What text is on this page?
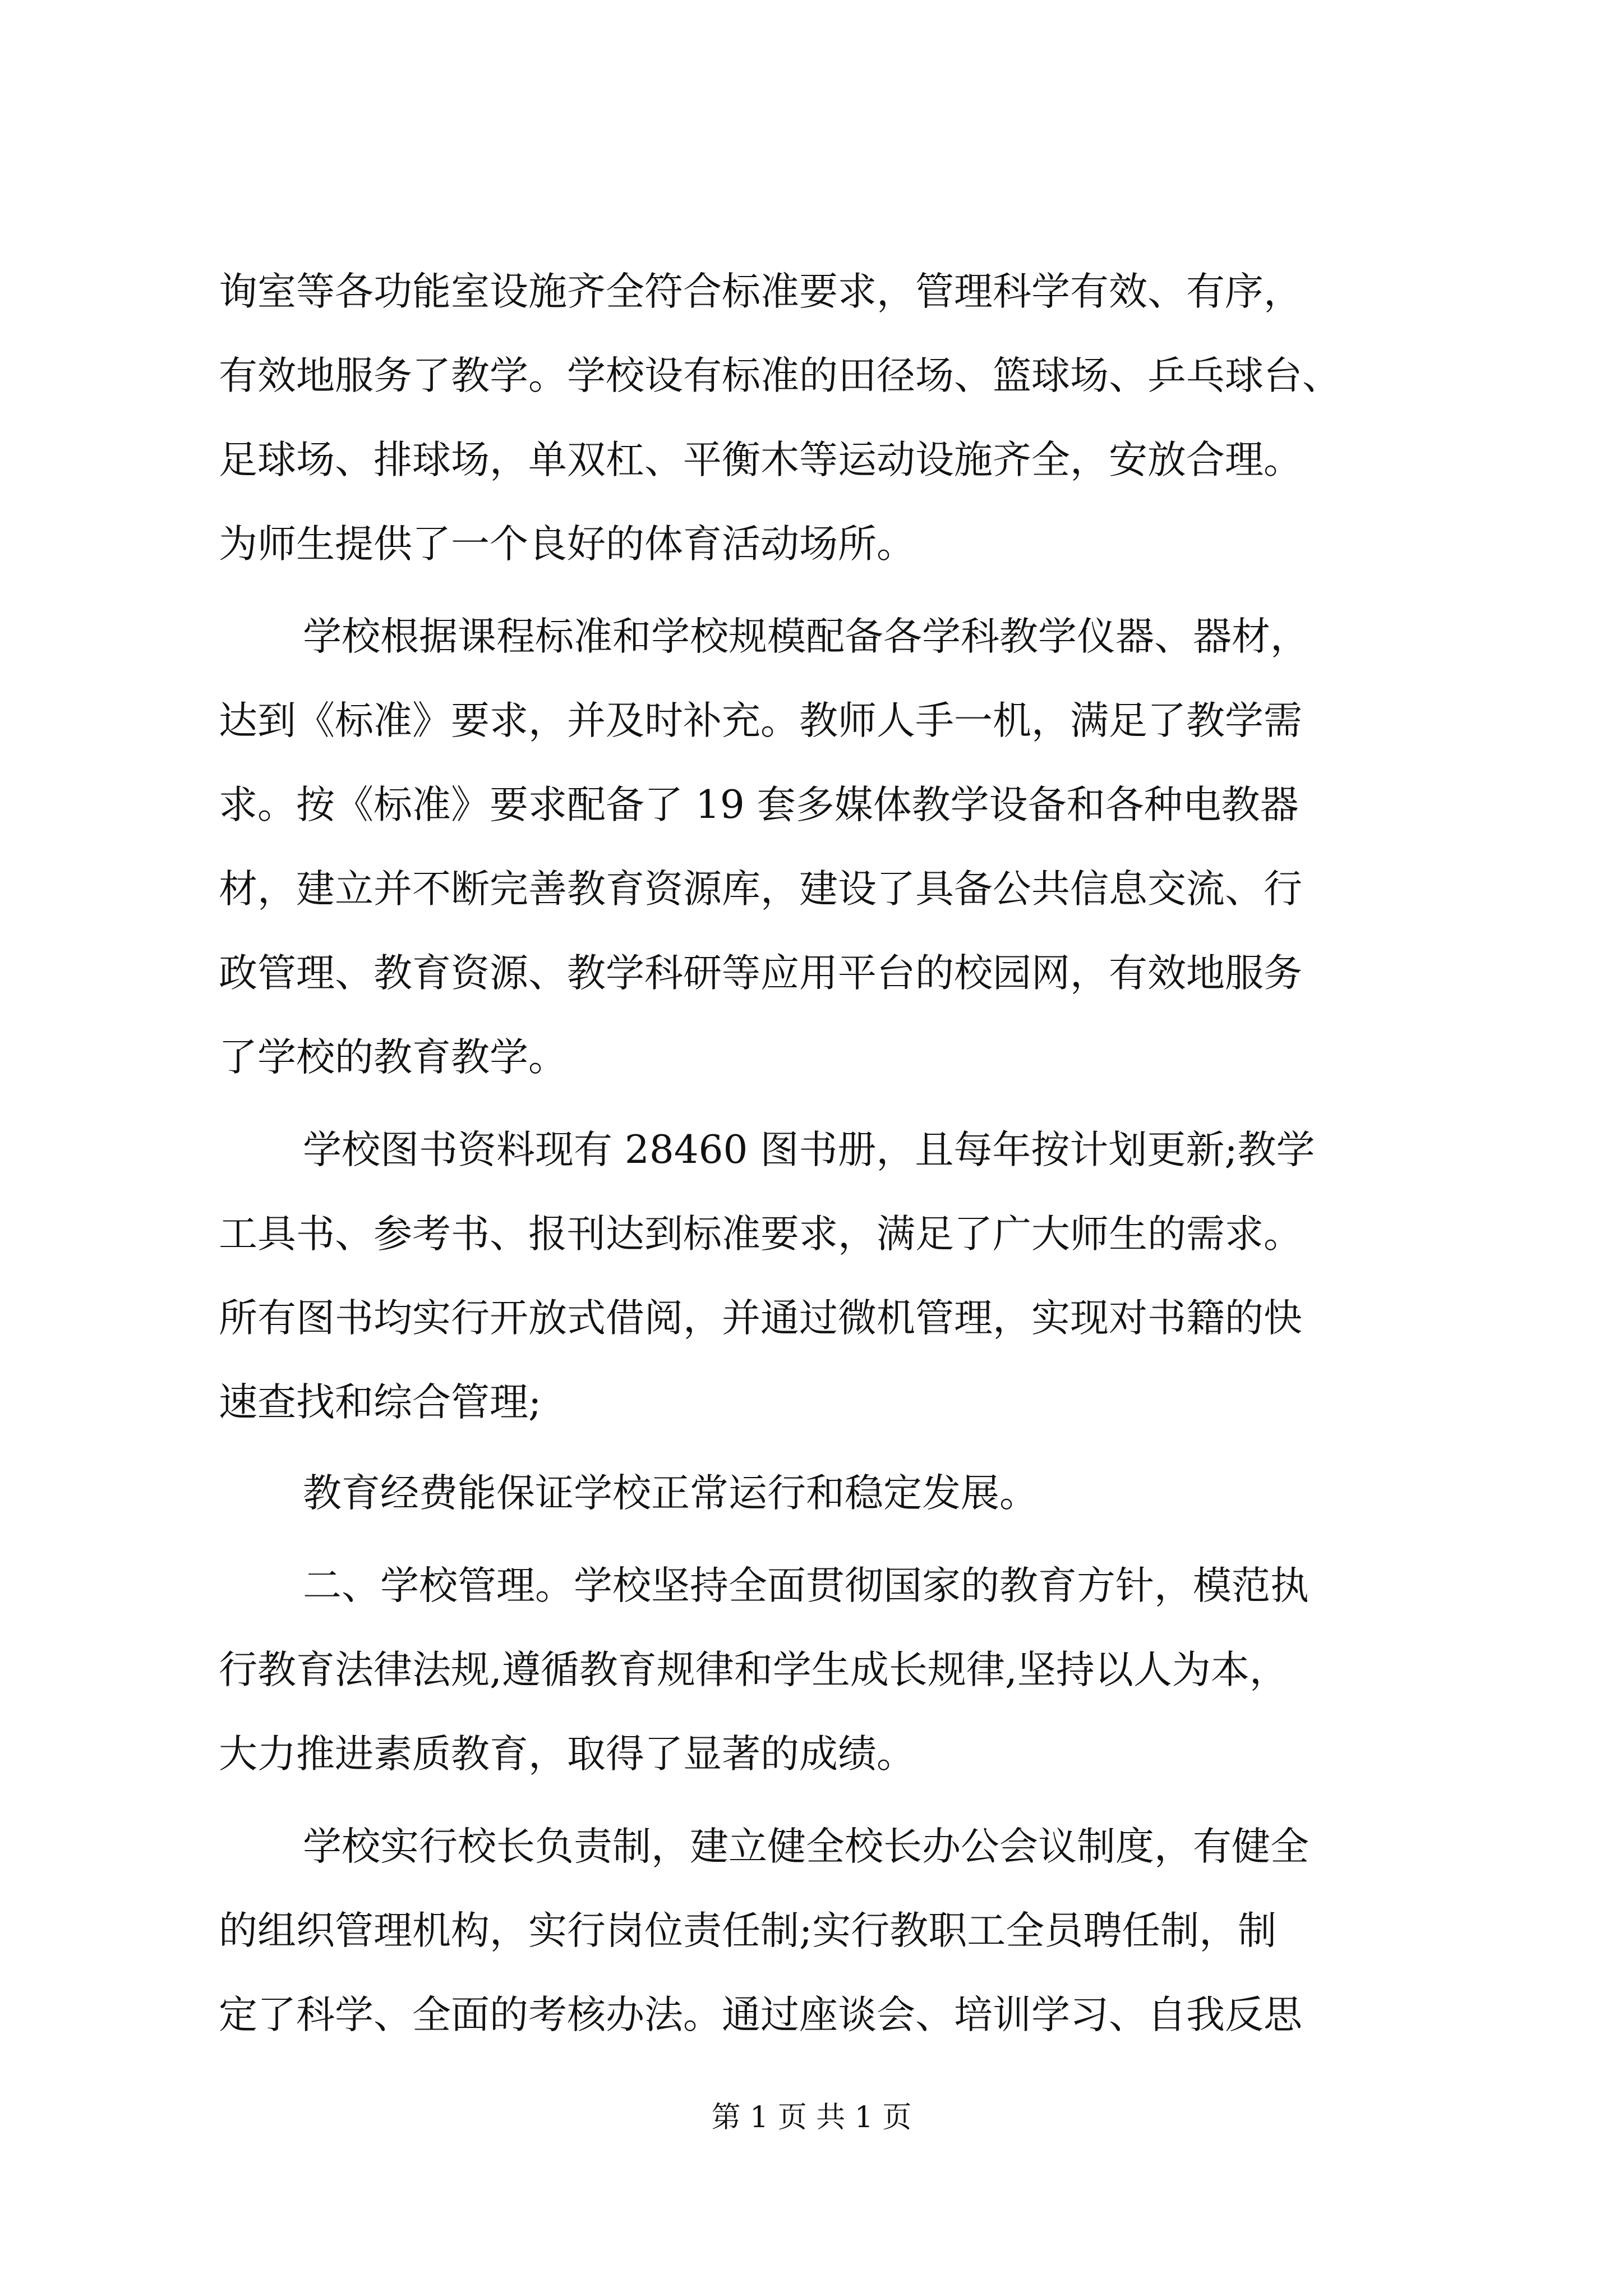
询室等各功能室设施齐全符合标准要求，管理科学有效、有序，
有效地服务了教学。学校设有标准的田径场、篮球场、乒乓球台、
足球场、排球场，单双杠、平衡木等运动设施齐全，安放合理。
为师生提供了一个良好的体育活动场所。
学校根据课程标准和学校规模配备各学科教学仪器、器材，
达到《标准》要求，并及时补充。教师人手一机，满足了教学需
求。按《标准》要求配备了 19 套多媒体教学设备和各种电教器
材，建立并不断完善教育资源库，建设了具备公共信息交流、行
政管理、教育资源、教学科研等应用平台的校园网，有效地服务
了学校的教育教学。
学校图书资料现有 28460 图书册，且每年按计划更新;教学
工具书、参考书、报刊达到标准要求，满足了广大师生的需求。
所有图书均实行开放式借阅，并通过微机管理，实现对书籍的快
速查找和综合管理;
教育经费能保证学校正常运行和稳定发展。
二、学校管理。学校坚持全面贯彻国家的教育方针，模范执
行教育法律法规,遵循教育规律和学生成长规律,坚持以人为本，
大力推进素质教育，取得了显著的成绩。
学校实行校长负责制，建立健全校长办公会议制度，有健全
的组织管理机构，实行岗位责任制;实行教职工全员聘任制，制
定了科学、全面的考核办法。通过座谈会、培训学习、自我反思
第 1 页 共 1 页
